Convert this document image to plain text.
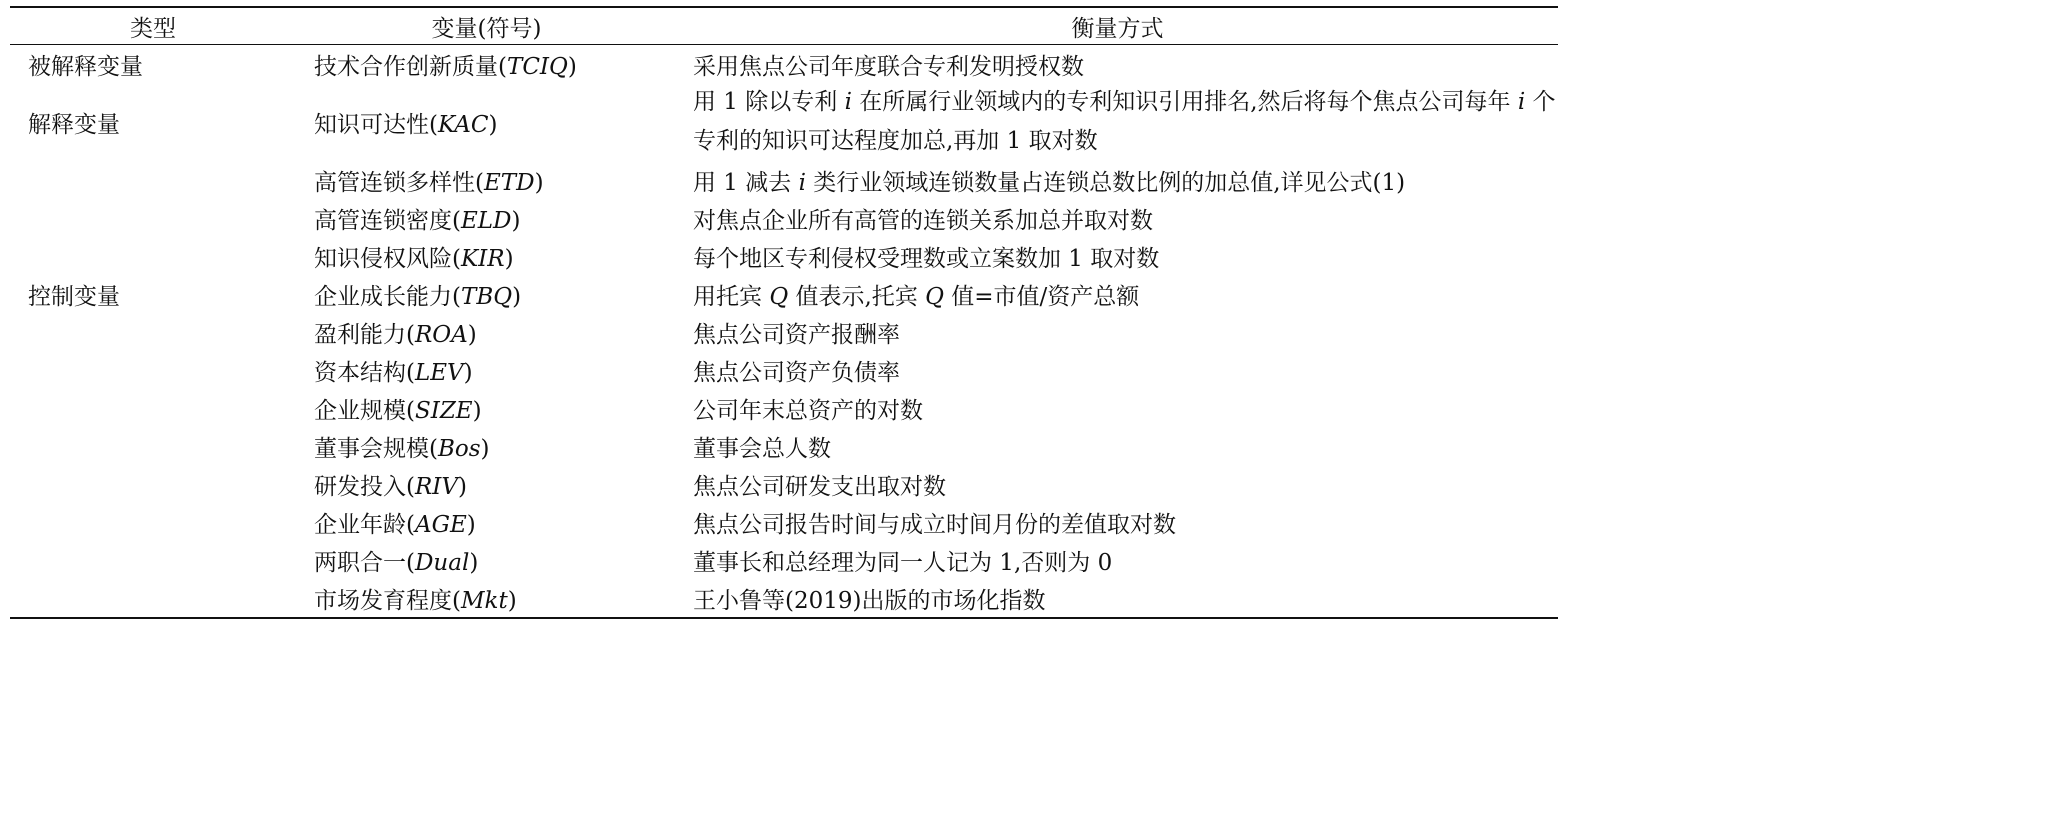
类型	变量(符号)	衡量方式
被解释变量	技术合作创新质量(TCIQ)	采用焦点公司年度联合专利发明授权数
解释变量	知识可达性(KAC)	用 1 除以专利 i 在所属行业领域内的专利知识引用排名,然后将每个焦点公司每年 i 个专利的知识可达程度加总,再加 1 取对数
	高管连锁多样性(ETD)	用 1 减去 i 类行业领域连锁数量占连锁总数比例的加总值,详见公式(1)
	高管连锁密度(ELD)	对焦点企业所有高管的连锁关系加总并取对数
	知识侵权风险(KIR)	每个地区专利侵权受理数或立案数加 1 取对数
控制变量	企业成长能力(TBQ)	用托宾 Q 值表示,托宾 Q 值=市值/资产总额
	盈利能力(ROA)	焦点公司资产报酬率
	资本结构(LEV)	焦点公司资产负债率
	企业规模(SIZE)	公司年末总资产的对数
	董事会规模(Bos)	董事会总人数
	研发投入(RIV)	焦点公司研发支出取对数
	企业年龄(AGE)	焦点公司报告时间与成立时间月份的差值取对数
	两职合一(Dual)	董事长和总经理为同一人记为 1,否则为 0
	市场发育程度(Mkt)	王小鲁等(2019)出版的市场化指数
